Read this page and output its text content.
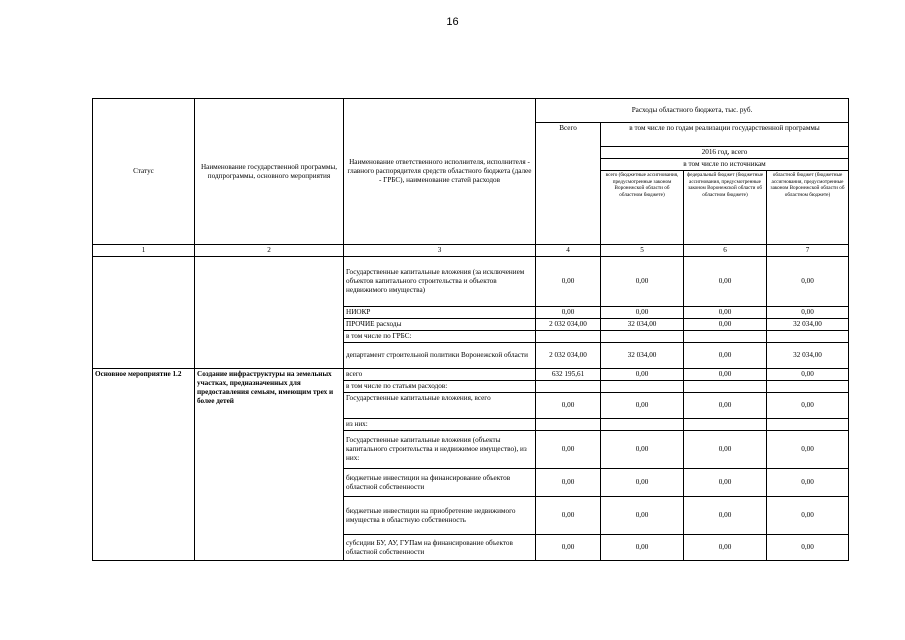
16
Статус	Наименование государственной программы, подпрограммы, основного мероприятия	Наименование ответственного исполнителя, исполнителя - главного распорядителя средств областного бюджета (далее - ГРБС), наименование статей расходов	Расходы областного бюджета, тыс. руб.			
			Всего	в том числе по годам реализации государственной программы		
				2016 год, всего		
				в том числе по источникам		
				всего (бюджетные ассигнования, предусмотренные законом Воронежской области об областном бюджете)	федеральный бюджет (бюджетные ассигнования, предусмотренные законом Воронежской области об областном бюджете)	областной бюджет (бюджетные ассигнования, предусмотренные законом Воронежской области об областном бюджете)
1	2	3	4	5	6	7
		Государственные капитальные вложения (за исключением объектов капитального строительства и объектов недвижимого имущества)	0,00	0,00	0,00	0,00
		НИОКР	0,00	0,00	0,00	0,00
		ПРОЧИЕ расходы	2 032 034,00	32 034,00	0,00	32 034,00
		в том числе по ГРБС:				
		департамент строительной политики Воронежской области	2 032 034,00	32 034,00	0,00	32 034,00
Основное мероприятие 1.2	Создание инфраструктуры на земельных участках, предназначенных для предоставления семьям, имеющим трех и более детей	всего	632 195,61	0,00	0,00	0,00
		в том числе по статьям расходов:				
		Государственные капитальные вложения, всего	0,00	0,00	0,00	0,00
		из них:				
		Государственные капитальные вложения (объекты капитального строительства и недвижимое имущество), из них:	0,00	0,00	0,00	0,00
		бюджетные инвестиции на финансирование объектов областной собственности	0,00	0,00	0,00	0,00
		бюджетные инвестиции на приобретение недвижимого имущества в областную собственность	0,00	0,00	0,00	0,00
		субсидии БУ, АУ, ГУПам на финансирование объектов областной собственности	0,00	0,00	0,00	0,00
